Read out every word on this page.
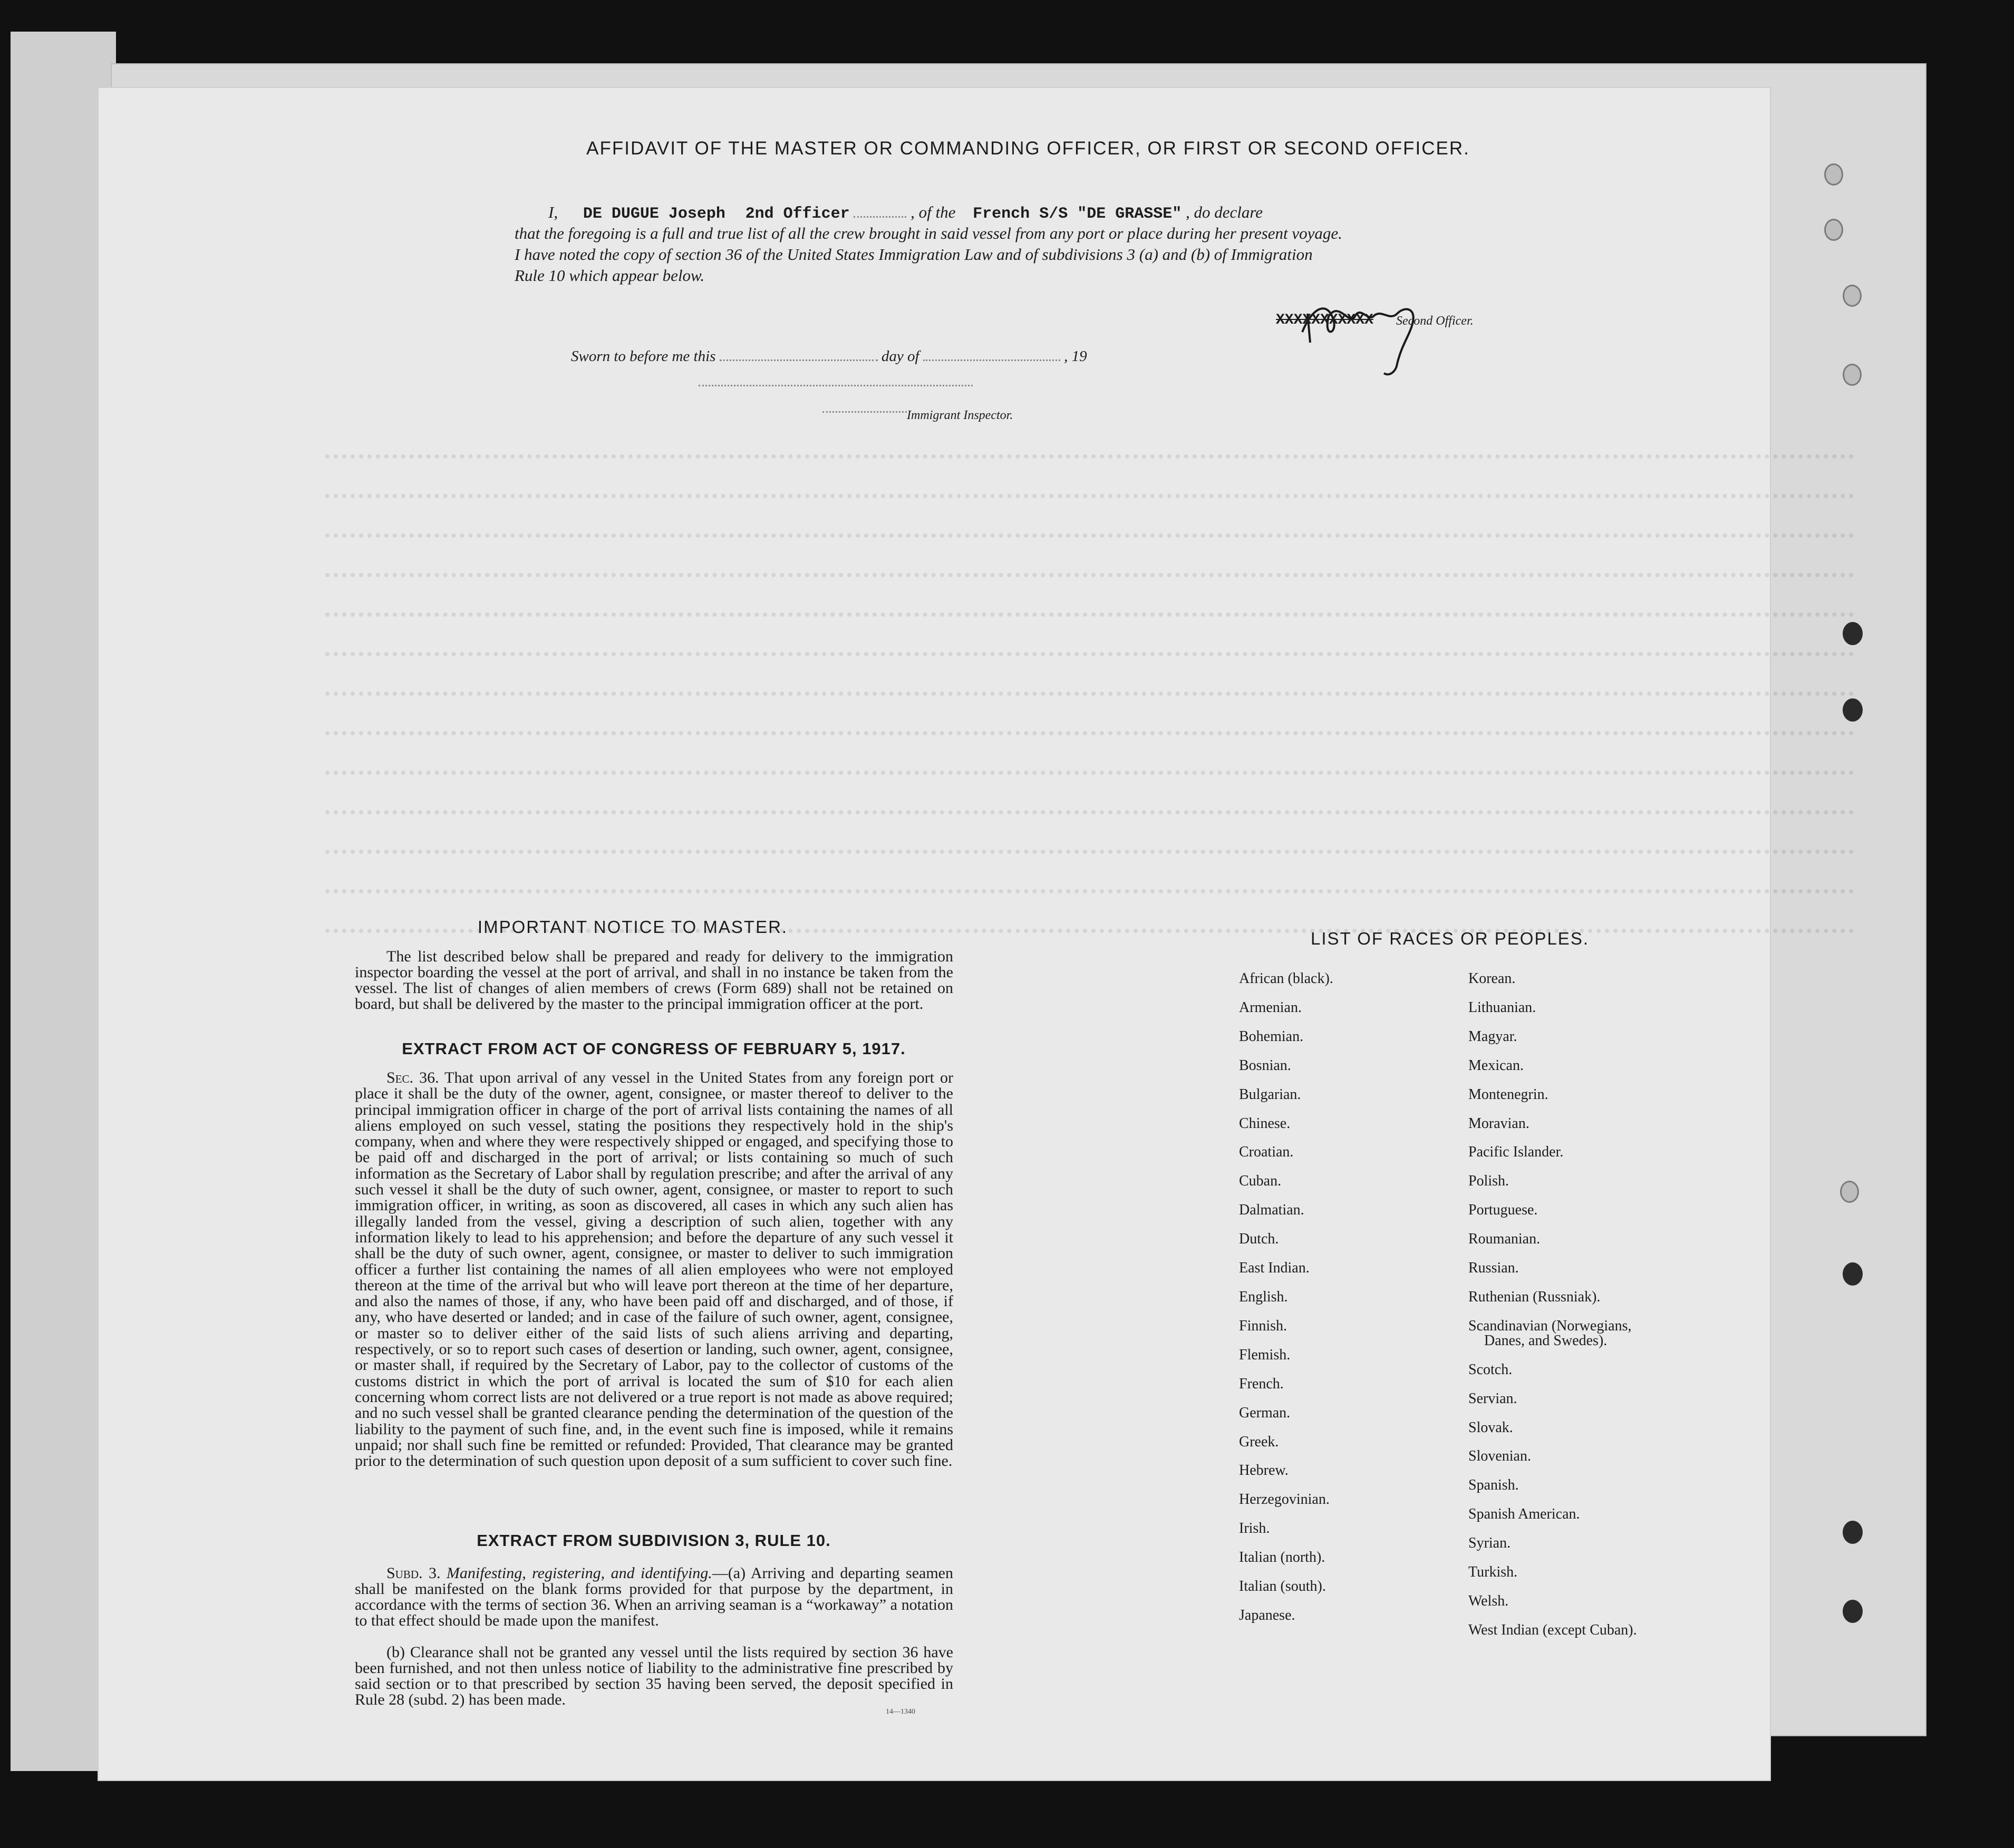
AFFIDAVIT OF THE MASTER OR COMMANDING OFFICER, OR FIRST OR SECOND OFFICER.
I, DE DUGUE Joseph 2nd Officer	, of the French S/S "DE GRASSE" , do declare
that the foregoing is a full and true list of all the crew brought in said vessel from any port or place during her present voyage.
I have noted the copy of section 36 of the United States Immigration Law and of subdivisions 3 (a) and (b) of Immigration
Rule 10 which appear below.
XXXXXXXXXXX Second Officer.
Sworn to before me this	day of	, 19
Immigrant Inspector.
IMPORTANT NOTICE TO MASTER.
The list described below shall be prepared and ready for delivery to the immigration inspector boarding the vessel at the port of arrival, and shall in no instance be taken from the vessel. The list of changes of alien members of crews (Form 689) shall not be retained on board, but shall be delivered by the master to the principal immigration officer at the port.
EXTRACT FROM ACT OF CONGRESS OF FEBRUARY 5, 1917.
Sec. 36. That upon arrival of any vessel in the United States from any foreign port or place it shall be the duty of the owner, agent, consignee, or master thereof to deliver to the principal immigration officer in charge of the port of arrival lists containing the names of all aliens employed on such vessel, stating the positions they respectively hold in the ship's company, when and where they were respectively shipped or engaged, and specifying those to be paid off and discharged in the port of arrival; or lists containing so much of such information as the Secretary of Labor shall by regulation prescribe; and after the arrival of any such vessel it shall be the duty of such owner, agent, consignee, or master to report to such immigration officer, in writing, as soon as discovered, all cases in which any such alien has illegally landed from the vessel, giving a description of such alien, together with any information likely to lead to his apprehension; and before the departure of any such vessel it shall be the duty of such owner, agent, consignee, or master to deliver to such immigration officer a further list containing the names of all alien employees who were not employed thereon at the time of the arrival but who will leave port thereon at the time of her departure, and also the names of those, if any, who have been paid off and discharged, and of those, if any, who have deserted or landed; and in case of the failure of such owner, agent, consignee, or master so to deliver either of the said lists of such aliens arriving and departing, respectively, or so to report such cases of desertion or landing, such owner, agent, consignee, or master shall, if required by the Secretary of Labor, pay to the collector of customs of the customs district in which the port of arrival is located the sum of $10 for each alien concerning whom correct lists are not delivered or a true report is not made as above required; and no such vessel shall be granted clearance pending the determination of the question of the liability to the payment of such fine, and, in the event such fine is imposed, while it remains unpaid; nor shall such fine be remitted or refunded: Provided, That clearance may be granted prior to the determination of such question upon deposit of a sum sufficient to cover such fine.
EXTRACT FROM SUBDIVISION 3, RULE 10.
Subd. 3. Manifesting, registering, and identifying.—(a) Arriving and departing seamen shall be manifested on the blank forms provided for that purpose by the department, in accordance with the terms of section 36. When an arriving seaman is a “workaway” a notation to that effect should be made upon the manifest.
(b) Clearance shall not be granted any vessel until the lists required by section 36 have been furnished, and not then unless notice of liability to the administrative fine prescribed by said section or to that prescribed by section 35 having been served, the deposit specified in Rule 28 (subd. 2) has been made.
14—1340
LIST OF RACES OR PEOPLES.
African (black).
Armenian.
Bohemian.
Bosnian.
Bulgarian.
Chinese.
Croatian.
Cuban.
Dalmatian.
Dutch.
East Indian.
English.
Finnish.
Flemish.
French.
German.
Greek.
Hebrew.
Herzegovinian.
Irish.
Italian (north).
Italian (south).
Japanese.
Korean.
Lithuanian.
Magyar.
Mexican.
Montenegrin.
Moravian.
Pacific Islander.
Polish.
Portuguese.
Roumanian.
Russian.
Ruthenian (Russniak).
Scandinavian (Norwegians,
Danes, and Swedes).
Scotch.
Servian.
Slovak.
Slovenian.
Spanish.
Spanish American.
Syrian.
Turkish.
Welsh.
West Indian (except Cuban).
